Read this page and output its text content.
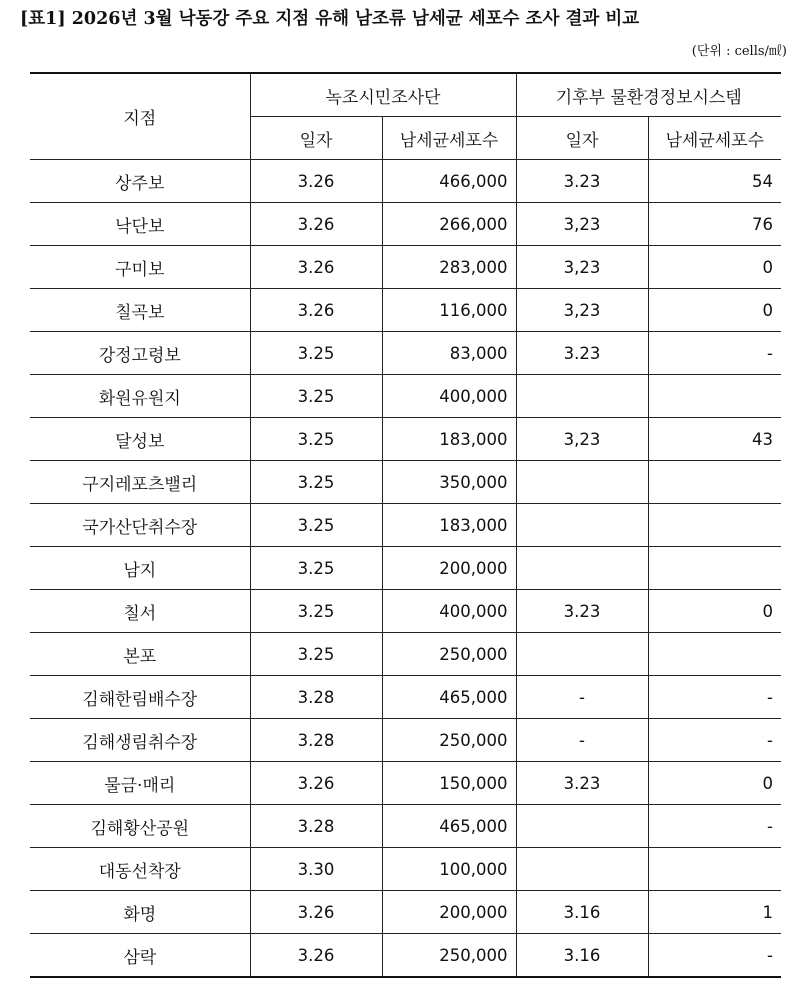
[표1] 2026년 3월 낙동강 주요 지점 유해 남조류 남세균 세포수 조사 결과 비교
(단위 : cells/㎖)
지점	녹조시민조사단		기후부 물환경정보시스템	
	일자	남세균세포수	일자	남세균세포수
상주보	3.26	466,000	3.23	54
낙단보	3.26	266,000	3,23	76
구미보	3.26	283,000	3,23	0
칠곡보	3.26	116,000	3,23	0
강정고령보	3.25	83,000	3.23	-
화원유원지	3.25	400,000		
달성보	3.25	183,000	3,23	43
구지레포츠밸리	3.25	350,000		
국가산단취수장	3.25	183,000		
남지	3.25	200,000		
칠서	3.25	400,000	3.23	0
본포	3.25	250,000		
김해한림배수장	3.28	465,000	-	-
김해생림취수장	3.28	250,000	-	-
물금·매리	3.26	150,000	3.23	0
김해황산공원	3.28	465,000		-
대동선착장	3.30	100,000		
화명	3.26	200,000	3.16	1
삼락	3.26	250,000	3.16	-
